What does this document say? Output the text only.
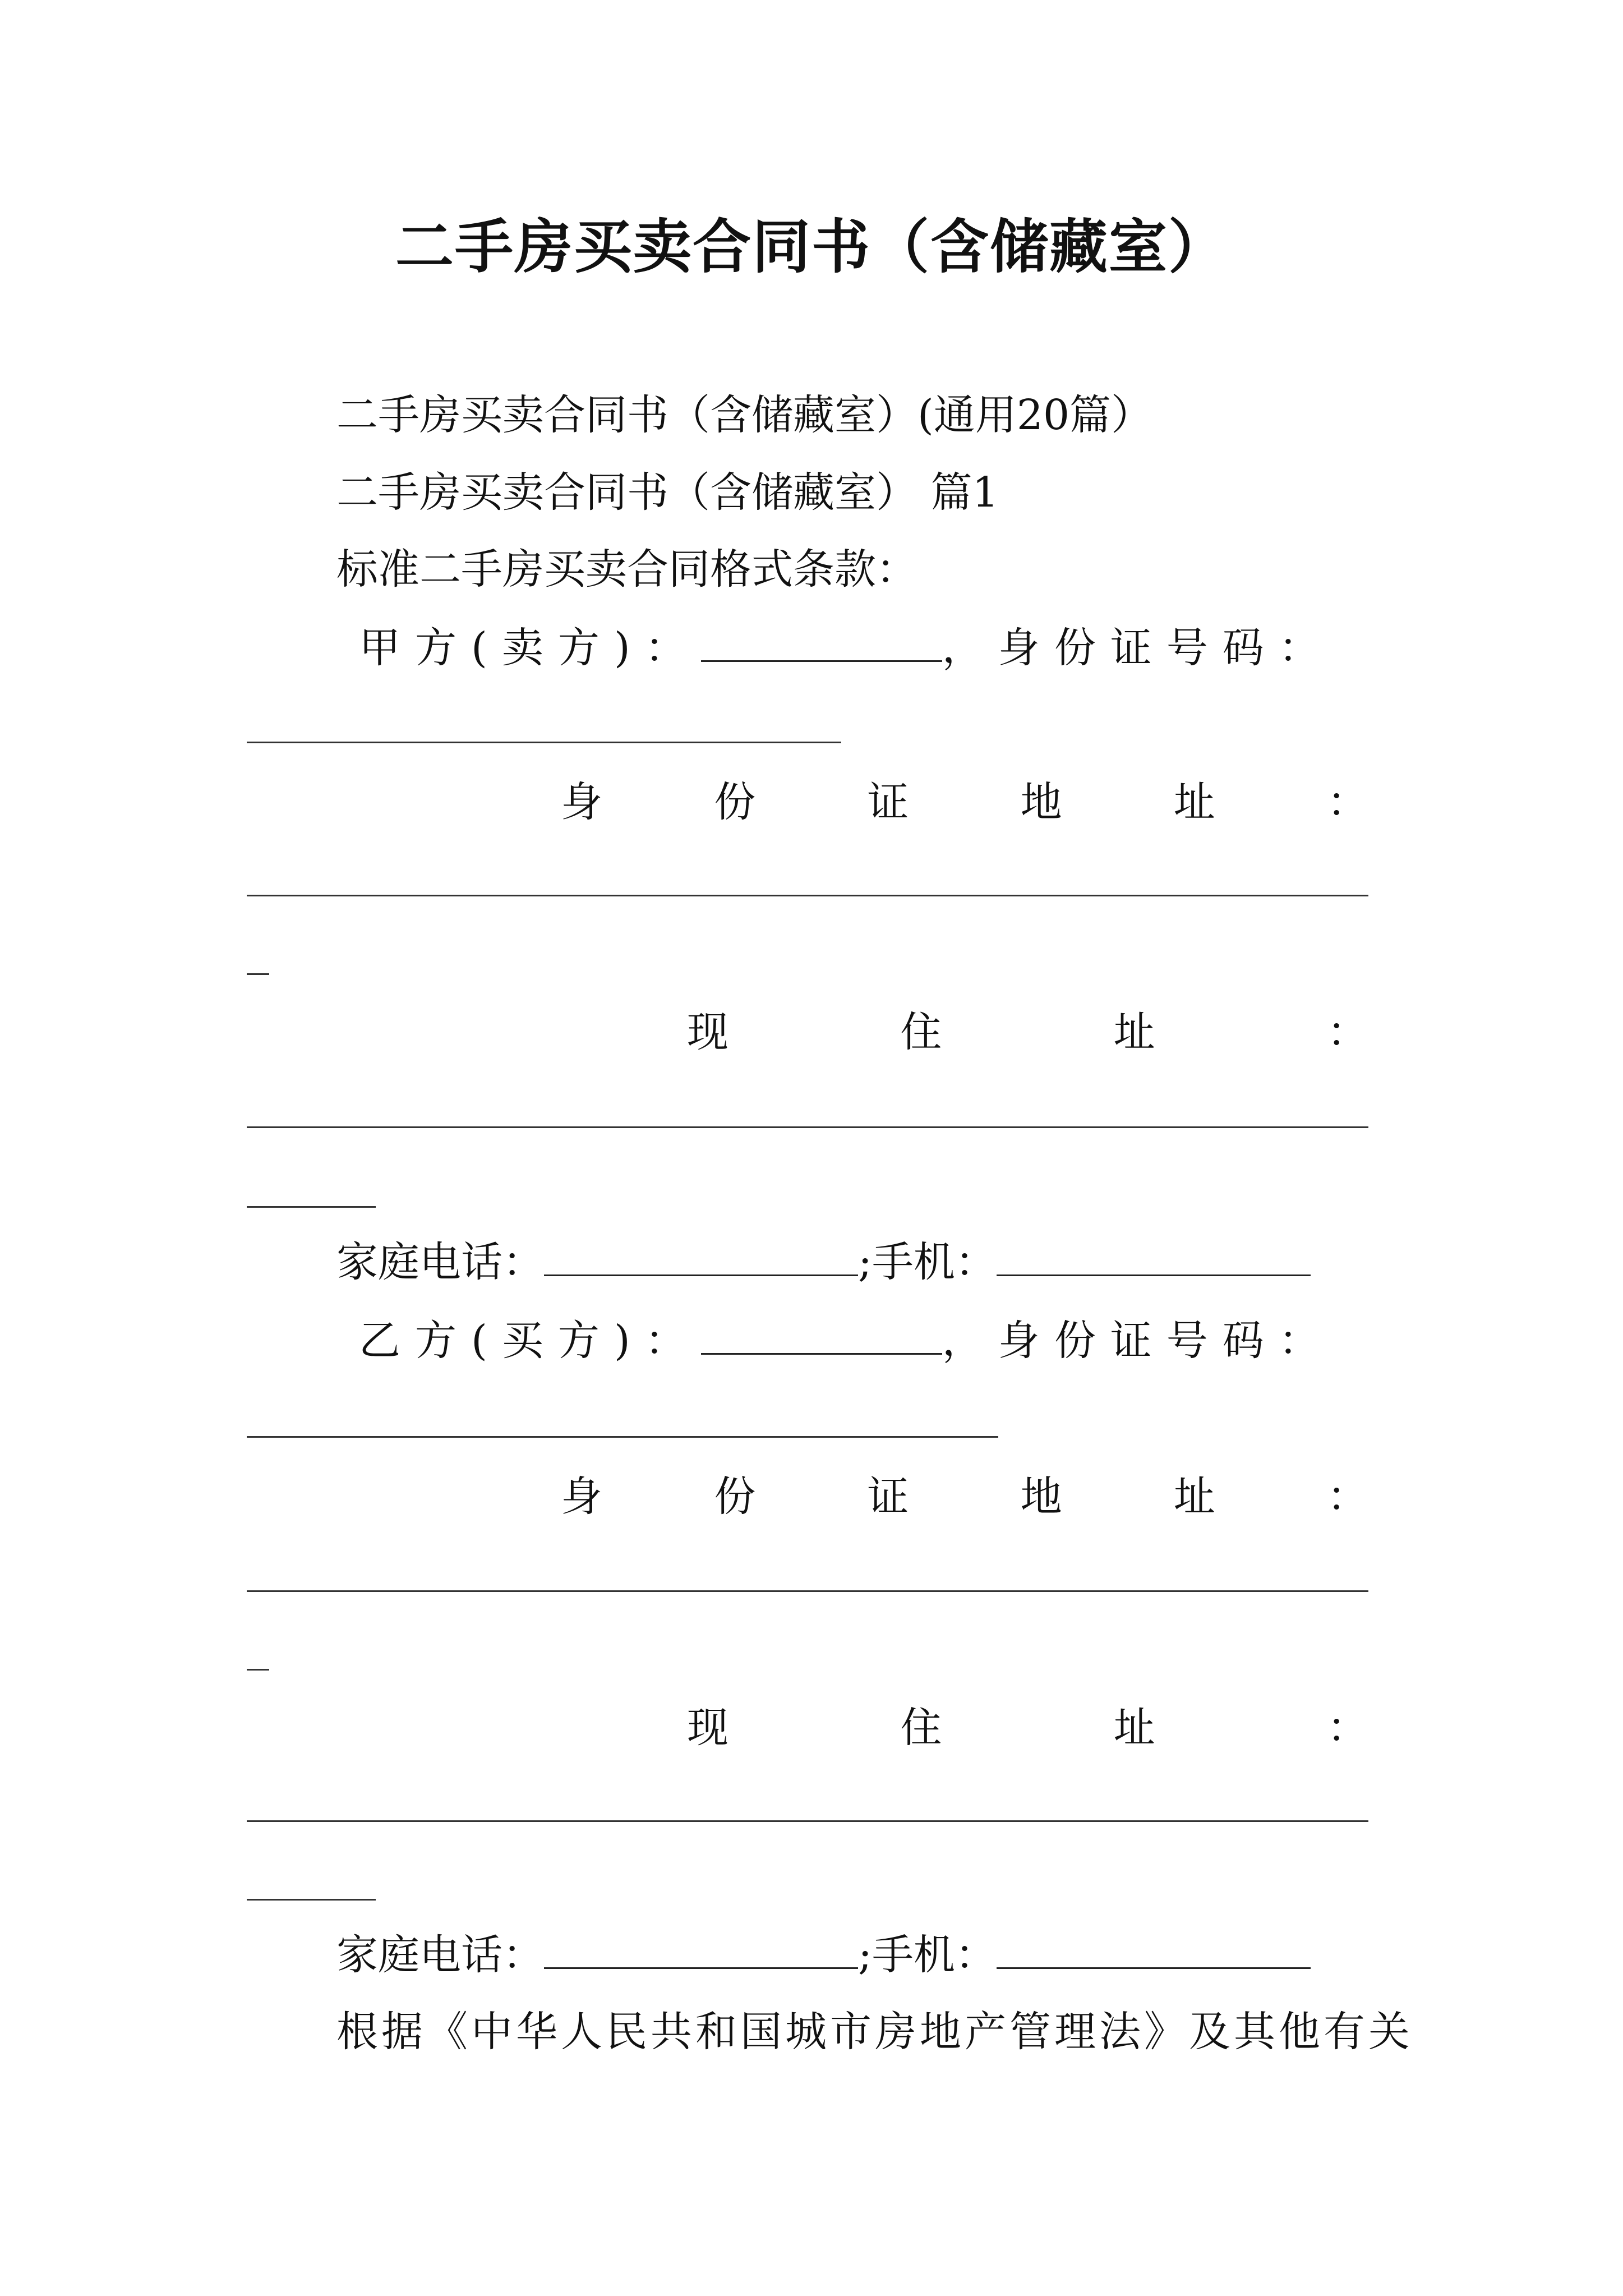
二手房买卖合同书（含储藏室）
二手房买卖合同书（含储藏室）(通用20篇）
二手房买卖合同书（含储藏室） 篇1
标准二手房买卖合同格式条款：
甲方(卖方)：	，身份证号码：
身	份	证	地	址	：
现	住	址	：
家庭电话：	;手机：
乙方(买方)：	，身份证号码：
身	份	证	地	址	：
现	住	址	：
家庭电话：	;手机：
根据《中华人民共和国城市房地产管理法》及其他有关
